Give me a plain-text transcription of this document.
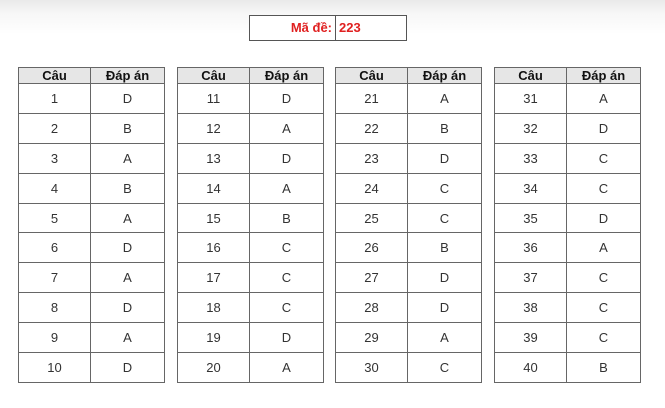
Mã đề: 223
Câu	Đáp án
1	D
2	B
3	A
4	B
5	A
6	D
7	A
8	D
9	A
10	D
Câu	Đáp án
11	D
12	A
13	D
14	A
15	B
16	C
17	C
18	C
19	D
20	A
Câu	Đáp án
21	A
22	B
23	D
24	C
25	C
26	B
27	D
28	D
29	A
30	C
Câu	Đáp án
31	A
32	D
33	C
34	C
35	D
36	A
37	C
38	C
39	C
40	B
